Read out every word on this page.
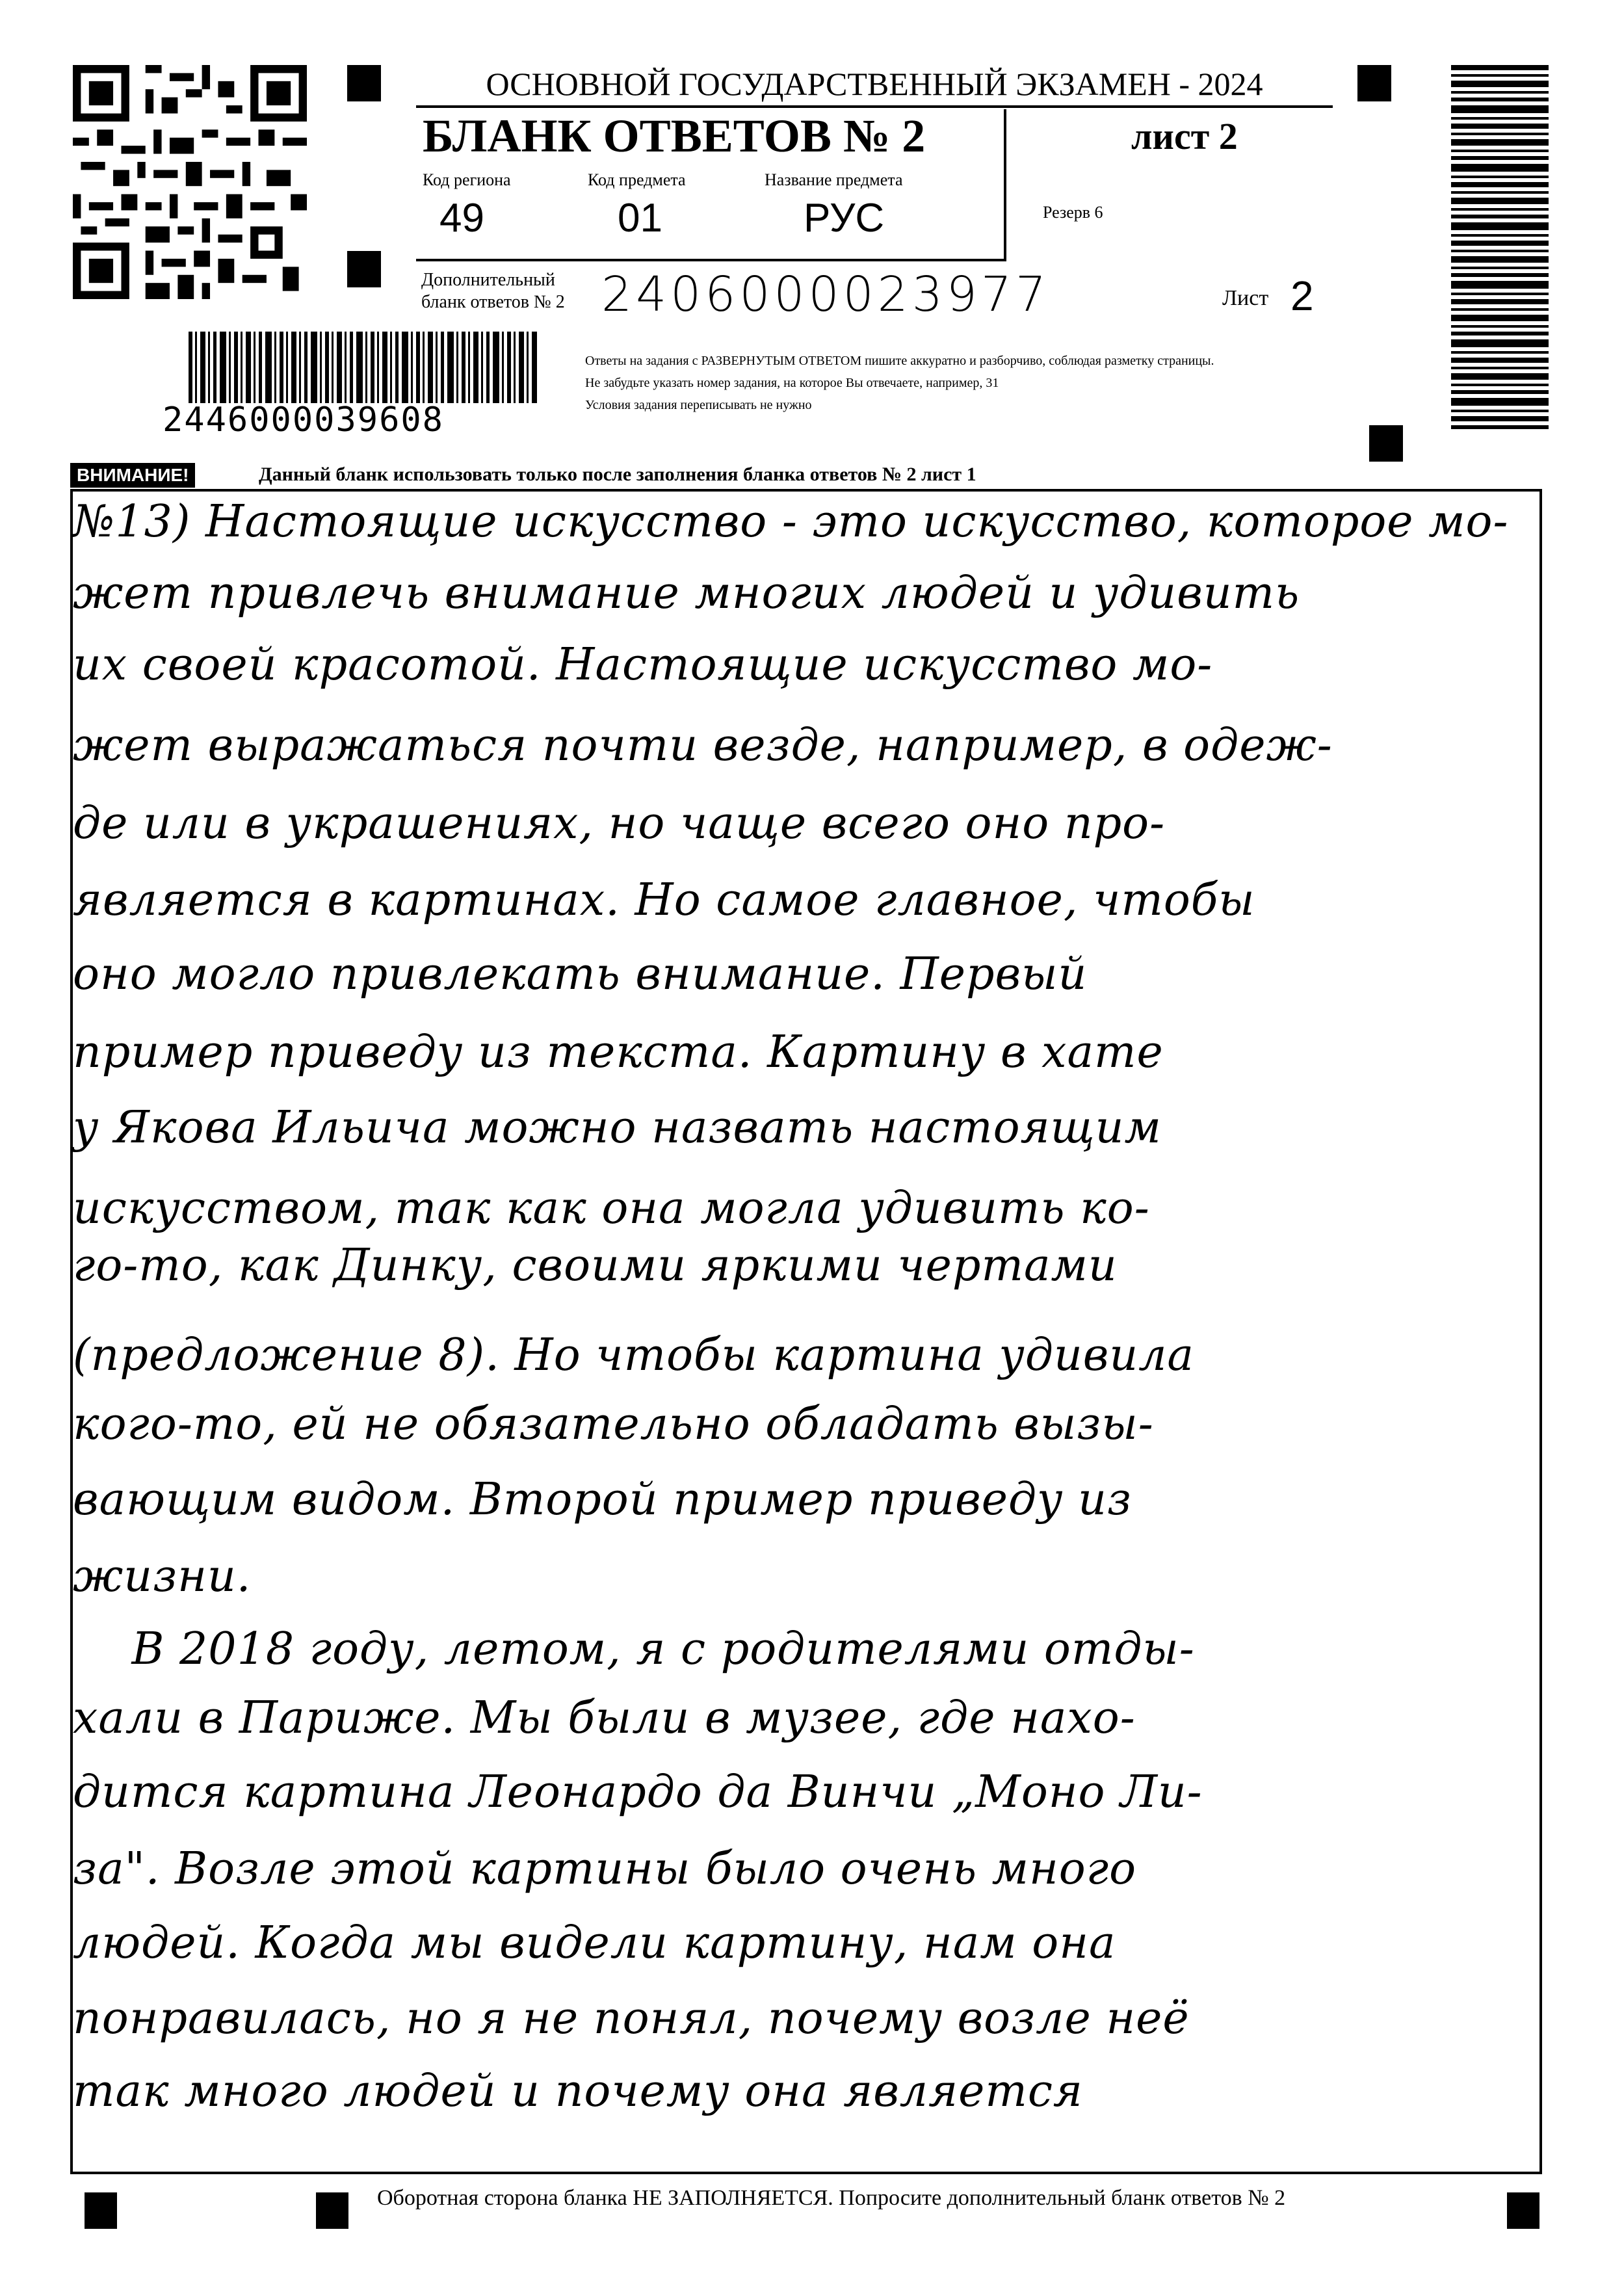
2446000039608
ОСНОВНОЙ ГОСУДАРСТВЕННЫЙ ЭКЗАМЕН - 2024
БЛАНК ОТВЕТОВ № 2	лист 2
Код региона
49
Код предмета
01
Название предмета
РУС	Резерв 6
Дополнительный бланк ответов № 2 2406000023977	Лист 2
Ответы на задания с РАЗВЕРНУТЫМ ОТВЕТОМ пишите аккуратно и разборчиво, соблюдая разметку страницы.
Не забудьте указать номер задания, на которое Вы отвечаете, например, 31
Условия задания переписывать не нужно
ВНИМАНИЕ!	Данный бланк использовать только после заполнения бланка ответов № 2 лист 1
№13) Настоящие искусство - это искусство, которое мо-
жет привлечь внимание многих людей и удивить
их своей красотой. Настоящие искусство мо-
жет выражаться почти везде, например, в одеж-
де или в украшениях, но чаще всего оно про-
является в картинах. Но самое главное, чтобы
оно могло привлекать внимание. Первый
пример приведу из текста. Картину в хате
у Якова Ильича можно назвать настоящим
искусством, так как она могла удивить ко-
го-то, как Динку, своими яркими чертами
(предложение 8). Но чтобы картина удивила
кого-то, ей не обязательно обладать вызы-
вающим видом. Второй пример приведу из
жизни.
В 2018 году, летом, я с родителями отды-
хали в Париже. Мы были в музее, где нахо-
дится картина Леонардо да Винчи „Моно Ли-
за". Возле этой картины было очень много
людей. Когда мы видели картину, нам она
понравилась, но я не понял, почему возле неё
так много людей и почему она является
Оборотная сторона бланка НЕ ЗАПОЛНЯЕТСЯ. Попросите дополнительный бланк ответов № 2
